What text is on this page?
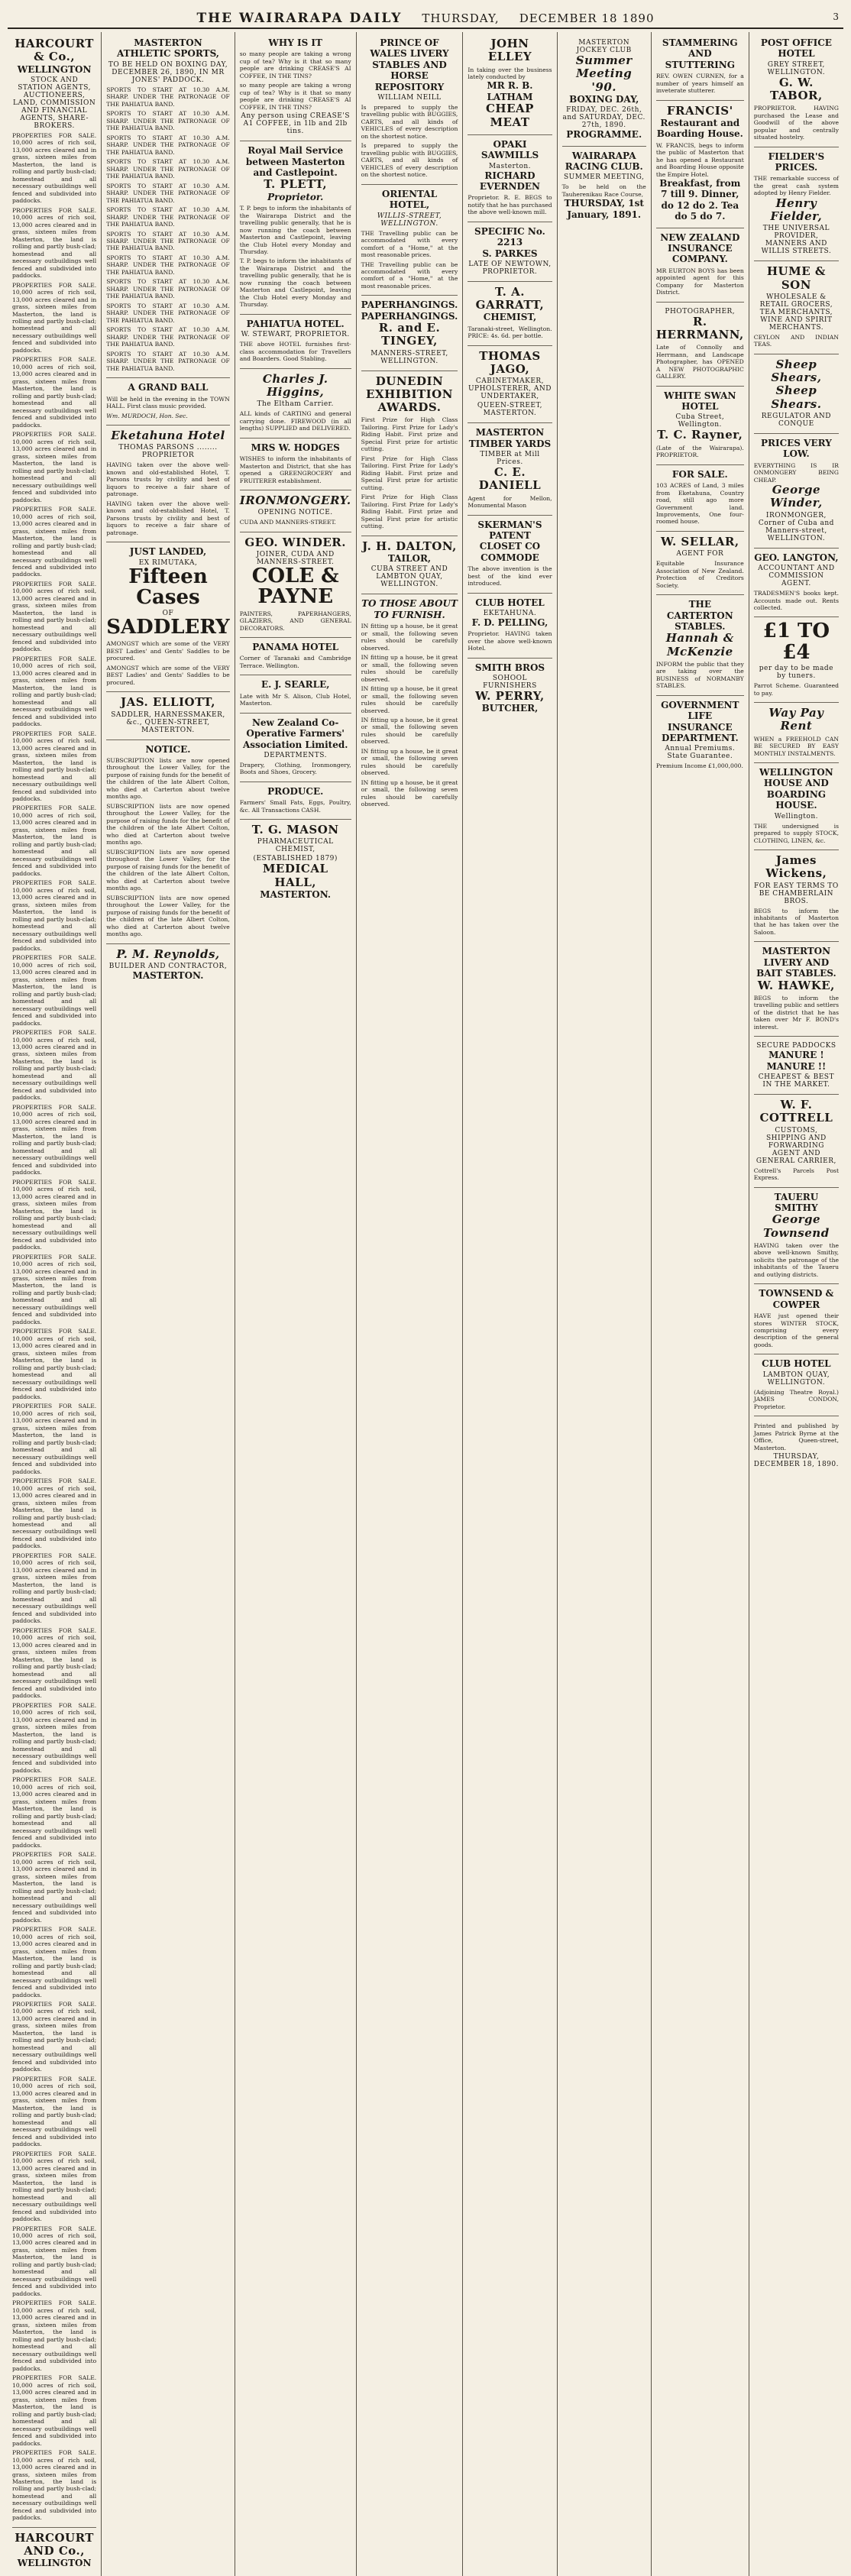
THE WAIRARAPA DAILY THURSDAY, DECEMBER 18 1890	3
HARCOURT & Co.,
WELLINGTON
STOCK AND STATION AGENTS, AUCTIONEERS, LAND, COMMISSION AND FINANCIAL AGENTS, SHARE-BROKERS.
PROPERTIES FOR SALE. 10,000 acres of rich soil, 13,000 acres cleared and in grass, sixteen miles from Masterton, the land is rolling and partly bush-clad; homestead and all necessary outbuildings well fenced and subdivided into paddocks.
PROPERTIES FOR SALE. 10,000 acres of rich soil, 13,000 acres cleared and in grass, sixteen miles from Masterton, the land is rolling and partly bush-clad; homestead and all necessary outbuildings well fenced and subdivided into paddocks.
PROPERTIES FOR SALE. 10,000 acres of rich soil, 13,000 acres cleared and in grass, sixteen miles from Masterton, the land is rolling and partly bush-clad; homestead and all necessary outbuildings well fenced and subdivided into paddocks.
PROPERTIES FOR SALE. 10,000 acres of rich soil, 13,000 acres cleared and in grass, sixteen miles from Masterton, the land is rolling and partly bush-clad; homestead and all necessary outbuildings well fenced and subdivided into paddocks.
PROPERTIES FOR SALE. 10,000 acres of rich soil, 13,000 acres cleared and in grass, sixteen miles from Masterton, the land is rolling and partly bush-clad; homestead and all necessary outbuildings well fenced and subdivided into paddocks.
PROPERTIES FOR SALE. 10,000 acres of rich soil, 13,000 acres cleared and in grass, sixteen miles from Masterton, the land is rolling and partly bush-clad; homestead and all necessary outbuildings well fenced and subdivided into paddocks.
PROPERTIES FOR SALE. 10,000 acres of rich soil, 13,000 acres cleared and in grass, sixteen miles from Masterton, the land is rolling and partly bush-clad; homestead and all necessary outbuildings well fenced and subdivided into paddocks.
PROPERTIES FOR SALE. 10,000 acres of rich soil, 13,000 acres cleared and in grass, sixteen miles from Masterton, the land is rolling and partly bush-clad; homestead and all necessary outbuildings well fenced and subdivided into paddocks.
PROPERTIES FOR SALE. 10,000 acres of rich soil, 13,000 acres cleared and in grass, sixteen miles from Masterton, the land is rolling and partly bush-clad; homestead and all necessary outbuildings well fenced and subdivided into paddocks.
PROPERTIES FOR SALE. 10,000 acres of rich soil, 13,000 acres cleared and in grass, sixteen miles from Masterton, the land is rolling and partly bush-clad; homestead and all necessary outbuildings well fenced and subdivided into paddocks.
PROPERTIES FOR SALE. 10,000 acres of rich soil, 13,000 acres cleared and in grass, sixteen miles from Masterton, the land is rolling and partly bush-clad; homestead and all necessary outbuildings well fenced and subdivided into paddocks.
PROPERTIES FOR SALE. 10,000 acres of rich soil, 13,000 acres cleared and in grass, sixteen miles from Masterton, the land is rolling and partly bush-clad; homestead and all necessary outbuildings well fenced and subdivided into paddocks.
PROPERTIES FOR SALE. 10,000 acres of rich soil, 13,000 acres cleared and in grass, sixteen miles from Masterton, the land is rolling and partly bush-clad; homestead and all necessary outbuildings well fenced and subdivided into paddocks.
PROPERTIES FOR SALE. 10,000 acres of rich soil, 13,000 acres cleared and in grass, sixteen miles from Masterton, the land is rolling and partly bush-clad; homestead and all necessary outbuildings well fenced and subdivided into paddocks.
PROPERTIES FOR SALE. 10,000 acres of rich soil, 13,000 acres cleared and in grass, sixteen miles from Masterton, the land is rolling and partly bush-clad; homestead and all necessary outbuildings well fenced and subdivided into paddocks.
PROPERTIES FOR SALE. 10,000 acres of rich soil, 13,000 acres cleared and in grass, sixteen miles from Masterton, the land is rolling and partly bush-clad; homestead and all necessary outbuildings well fenced and subdivided into paddocks.
PROPERTIES FOR SALE. 10,000 acres of rich soil, 13,000 acres cleared and in grass, sixteen miles from Masterton, the land is rolling and partly bush-clad; homestead and all necessary outbuildings well fenced and subdivided into paddocks.
PROPERTIES FOR SALE. 10,000 acres of rich soil, 13,000 acres cleared and in grass, sixteen miles from Masterton, the land is rolling and partly bush-clad; homestead and all necessary outbuildings well fenced and subdivided into paddocks.
PROPERTIES FOR SALE. 10,000 acres of rich soil, 13,000 acres cleared and in grass, sixteen miles from Masterton, the land is rolling and partly bush-clad; homestead and all necessary outbuildings well fenced and subdivided into paddocks.
PROPERTIES FOR SALE. 10,000 acres of rich soil, 13,000 acres cleared and in grass, sixteen miles from Masterton, the land is rolling and partly bush-clad; homestead and all necessary outbuildings well fenced and subdivided into paddocks.
PROPERTIES FOR SALE. 10,000 acres of rich soil, 13,000 acres cleared and in grass, sixteen miles from Masterton, the land is rolling and partly bush-clad; homestead and all necessary outbuildings well fenced and subdivided into paddocks.
PROPERTIES FOR SALE. 10,000 acres of rich soil, 13,000 acres cleared and in grass, sixteen miles from Masterton, the land is rolling and partly bush-clad; homestead and all necessary outbuildings well fenced and subdivided into paddocks.
PROPERTIES FOR SALE. 10,000 acres of rich soil, 13,000 acres cleared and in grass, sixteen miles from Masterton, the land is rolling and partly bush-clad; homestead and all necessary outbuildings well fenced and subdivided into paddocks.
PROPERTIES FOR SALE. 10,000 acres of rich soil, 13,000 acres cleared and in grass, sixteen miles from Masterton, the land is rolling and partly bush-clad; homestead and all necessary outbuildings well fenced and subdivided into paddocks.
PROPERTIES FOR SALE. 10,000 acres of rich soil, 13,000 acres cleared and in grass, sixteen miles from Masterton, the land is rolling and partly bush-clad; homestead and all necessary outbuildings well fenced and subdivided into paddocks.
PROPERTIES FOR SALE. 10,000 acres of rich soil, 13,000 acres cleared and in grass, sixteen miles from Masterton, the land is rolling and partly bush-clad; homestead and all necessary outbuildings well fenced and subdivided into paddocks.
PROPERTIES FOR SALE. 10,000 acres of rich soil, 13,000 acres cleared and in grass, sixteen miles from Masterton, the land is rolling and partly bush-clad; homestead and all necessary outbuildings well fenced and subdivided into paddocks.
PROPERTIES FOR SALE. 10,000 acres of rich soil, 13,000 acres cleared and in grass, sixteen miles from Masterton, the land is rolling and partly bush-clad; homestead and all necessary outbuildings well fenced and subdivided into paddocks.
PROPERTIES FOR SALE. 10,000 acres of rich soil, 13,000 acres cleared and in grass, sixteen miles from Masterton, the land is rolling and partly bush-clad; homestead and all necessary outbuildings well fenced and subdivided into paddocks.
PROPERTIES FOR SALE. 10,000 acres of rich soil, 13,000 acres cleared and in grass, sixteen miles from Masterton, the land is rolling and partly bush-clad; homestead and all necessary outbuildings well fenced and subdivided into paddocks.
PROPERTIES FOR SALE. 10,000 acres of rich soil, 13,000 acres cleared and in grass, sixteen miles from Masterton, the land is rolling and partly bush-clad; homestead and all necessary outbuildings well fenced and subdivided into paddocks.
PROPERTIES FOR SALE. 10,000 acres of rich soil, 13,000 acres cleared and in grass, sixteen miles from Masterton, the land is rolling and partly bush-clad; homestead and all necessary outbuildings well fenced and subdivided into paddocks.
HARCOURT AND Co.,
WELLINGTON
MASTERTON ATHLETIC SPORTS,
TO BE HELD ON BOXING DAY, DECEMBER 26, 1890, IN MR JONES' PADDOCK.
SPORTS TO START AT 10.30 A.M. SHARP. UNDER THE PATRONAGE OF THE PAHIATUA BAND.
SPORTS TO START AT 10.30 A.M. SHARP. UNDER THE PATRONAGE OF THE PAHIATUA BAND.
SPORTS TO START AT 10.30 A.M. SHARP. UNDER THE PATRONAGE OF THE PAHIATUA BAND.
SPORTS TO START AT 10.30 A.M. SHARP. UNDER THE PATRONAGE OF THE PAHIATUA BAND.
SPORTS TO START AT 10.30 A.M. SHARP. UNDER THE PATRONAGE OF THE PAHIATUA BAND.
SPORTS TO START AT 10.30 A.M. SHARP. UNDER THE PATRONAGE OF THE PAHIATUA BAND.
SPORTS TO START AT 10.30 A.M. SHARP. UNDER THE PATRONAGE OF THE PAHIATUA BAND.
SPORTS TO START AT 10.30 A.M. SHARP. UNDER THE PATRONAGE OF THE PAHIATUA BAND.
SPORTS TO START AT 10.30 A.M. SHARP. UNDER THE PATRONAGE OF THE PAHIATUA BAND.
SPORTS TO START AT 10.30 A.M. SHARP. UNDER THE PATRONAGE OF THE PAHIATUA BAND.
SPORTS TO START AT 10.30 A.M. SHARP. UNDER THE PATRONAGE OF THE PAHIATUA BAND.
SPORTS TO START AT 10.30 A.M. SHARP. UNDER THE PATRONAGE OF THE PAHIATUA BAND.
A GRAND BALL
Will be held in the evening in the TOWN HALL. First class music provided.
Wm. MURDOCH, Hon. Sec.
Eketahuna Hotel
THOMAS PARSONS ........ PROPRIETOR
HAVING taken over the above well-known and old-established Hotel, T. Parsons trusts by civility and best of liquors to receive a fair share of patronage.
HAVING taken over the above well-known and old-established Hotel, T. Parsons trusts by civility and best of liquors to receive a fair share of patronage.
JUST LANDED,
EX RIMUTAKA,
Fifteen Cases
OF
SADDLERY
AMONGST which are some of the VERY BEST Ladies' and Gents' Saddles to be procured.
AMONGST which are some of the VERY BEST Ladies' and Gents' Saddles to be procured.
JAS. ELLIOTT,
SADDLER, HARNESSMAKER, &c., QUEEN-STREET, MASTERTON.
NOTICE.
SUBSCRIPTION lists are now opened throughout the Lower Valley, for the purpose of raising funds for the benefit of the children of the late Albert Colton, who died at Carterton about twelve months ago.
SUBSCRIPTION lists are now opened throughout the Lower Valley, for the purpose of raising funds for the benefit of the children of the late Albert Colton, who died at Carterton about twelve months ago.
SUBSCRIPTION lists are now opened throughout the Lower Valley, for the purpose of raising funds for the benefit of the children of the late Albert Colton, who died at Carterton about twelve months ago.
SUBSCRIPTION lists are now opened throughout the Lower Valley, for the purpose of raising funds for the benefit of the children of the late Albert Colton, who died at Carterton about twelve months ago.
P. M. Reynolds,
BUILDER AND CONTRACTOR,
MASTERTON.
WHY IS IT
so many people are taking a wrong cup of tea? Why is it that so many people are drinking CREASE'S AI COFFEE, IN THE TINS?
so many people are taking a wrong cup of tea? Why is it that so many people are drinking CREASE'S AI COFFEE, IN THE TINS?
Any person using CREASE'S A1 COFFEE, in 1lb and 2lb tins.
Royal Mail Service between Masterton and Castlepoint.
T. PLETT,
Proprietor.
T. P. begs to inform the inhabitants of the Wairarapa District and the travelling public generally, that he is now running the coach between Masterton and Castlepoint, leaving the Club Hotel every Monday and Thursday.
T. P. begs to inform the inhabitants of the Wairarapa District and the travelling public generally, that he is now running the coach between Masterton and Castlepoint, leaving the Club Hotel every Monday and Thursday.
PAHIATUA HOTEL.
W. STEWART, PROPRIETOR.
THE above HOTEL furnishes first-class accommodation for Travellers and Boarders. Good Stabling.
Charles J. Higgins,
The Eltham Carrier.
ALL kinds of CARTING and general carrying done. FIREWOOD (in all lengths) SUPPLIED and DELIVERED.
MRS W. HODGES
WISHES to inform the inhabitants of Masterton and District, that she has opened a GREENGROCERY and FRUITERER establishment.
IRONMONGERY.
OPENING NOTICE.
CUDA AND MANNERS-STREET.
GEO. WINDER.
JOINER, CUDA AND MANNERS-STREET.
COLE & PAYNE
PAINTERS, PAPERHANGERS, GLAZIERS, AND GENERAL DECORATORS.
PANAMA HOTEL
Corner of Taranaki and Cambridge Terrace. Wellington.
E. J. SEARLE,
Late with Mr S. Alison, Club Hotel, Masterton.
New Zealand Co-Operative Farmers' Association Limited.
DEPARTMENTS.
Drapery, Clothing, Ironmongery, Boots and Shoes, Grocery.
PRODUCE.
Farmers' Small Fats, Eggs, Poultry, &c. All Transactions CASH.
T. G. MASON
PHARMACEUTICAL CHEMIST,
(ESTABLISHED 1879)
MEDICAL HALL,
MASTERTON.
PRINCE OF WALES LIVERY STABLES AND HORSE REPOSITORY
WILLIAM NEILL
Is prepared to supply the travelling public with BUGGIES, CARTS, and all kinds of VEHICLES of every description on the shortest notice.
Is prepared to supply the travelling public with BUGGIES, CARTS, and all kinds of VEHICLES of every description on the shortest notice.
ORIENTAL HOTEL,
WILLIS-STREET, WELLINGTON.
THE Travelling public can be accommodated with every comfort of a "Home," at the most reasonable prices.
THE Travelling public can be accommodated with every comfort of a "Home," at the most reasonable prices.
PAPERHANGINGS. PAPERHANGINGS.
R. and E. TINGEY,
MANNERS-STREET, WELLINGTON.
DUNEDIN EXHIBITION AWARDS.
First Prize for High Class Tailoring. First Prize for Lady's Riding Habit. First prize and Special First prize for artistic cutting.
First Prize for High Class Tailoring. First Prize for Lady's Riding Habit. First prize and Special First prize for artistic cutting.
First Prize for High Class Tailoring. First Prize for Lady's Riding Habit. First prize and Special First prize for artistic cutting.
J. H. DALTON,
TAILOR,
CUBA STREET AND LAMBTON QUAY, WELLINGTON.
TO THOSE ABOUT TO FURNISH.
IN fitting up a house, be it great or small, the following seven rules should be carefully observed.
IN fitting up a house, be it great or small, the following seven rules should be carefully observed.
IN fitting up a house, be it great or small, the following seven rules should be carefully observed.
IN fitting up a house, be it great or small, the following seven rules should be carefully observed.
IN fitting up a house, be it great or small, the following seven rules should be carefully observed.
IN fitting up a house, be it great or small, the following seven rules should be carefully observed.
JOHN ELLEY
In taking over the business lately conducted by
MR R. B. LATHAM
CHEAP MEAT
OPAKI SAWMILLS
Masterton.
RICHARD EVERNDEN
Proprietor. R. E. BEGS to notify that he has purchased the above well-known mill.
SPECIFIC No. 2213
S. PARKES
LATE OF NEWTOWN, PROPRIETOR.
T. A. GARRATT,
CHEMIST,
Taranaki-street, Wellington. PRICE: 4s. 6d. per bottle.
THOMAS JAGO,
CABINETMAKER, UPHOLSTERER, AND UNDERTAKER,
QUEEN-STREET, MASTERTON.
MASTERTON TIMBER YARDS
TIMBER at Mill Prices.
C. E. DANIELL
Agent for Mellon, Monumental Mason
SKERMAN'S PATENT CLOSET CO COMMODE
The above invention is the best of the kind ever introduced.
CLUB HOTEL
EKETAHUNA.
F. D. PELLING,
Proprietor. HAVING taken over the above well-known Hotel.
SMITH BROS
SOHOOL FURNISHERS
W. PERRY,
BUTCHER,
MASTERTON JOCKEY CLUB
Summer Meeting '90.
BOXING DAY,
FRIDAY, DEC. 26th, and SATURDAY, DEC. 27th, 1890.
PROGRAMME.
WAIRARAPA RACING CLUB.
SUMMER MEETING,
To be held on the Tauherenikau Race Course,
THURSDAY, 1st January, 1891.
STAMMERING AND STUTTERING
REV. OWEN CURNEN, for a number of years himself an inveterate stutterer.
FRANCIS'
Restaurant and Boarding House.
W. FRANCIS, begs to inform the public of Masterton that he has opened a Restaurant and Boarding House opposite the Empire Hotel.
Breakfast, from 7 till 9. Dinner, do 12 do 2. Tea do 5 do 7.
NEW ZEALAND INSURANCE COMPANY.
MR EURTON BOYS has been appointed agent for this Company for Masterton District.
PHOTOGRAPHER,
R. HERRMANN,
Late of Connolly and Herrmann, and Landscape Photographer, has OPENED A NEW PHOTOGRAPHIC GALLERY.
WHITE SWAN HOTEL
Cuba Street, Wellington.
T. C. Rayner,
(Late of the Wairarapa). PROPRIETOR.
FOR SALE.
103 ACRES of Land, 3 miles from Eketahuna, Country road, still ago more Government land. Improvements, One four-roomed house.
W. SELLAR,
AGENT FOR
Equitable Insurance Association of New Zealand. Protection of Creditors Society.
THE CARTERTON STABLES.
Hannah & McKenzie
INFORM the public that they are taking over the BUSINESS of NORMANBY STABLES.
GOVERNMENT LIFE INSURANCE DEPARTMENT.
Annual Premiums. State Guarantee.
Premium Income £1,000,000.
POST OFFICE HOTEL
GREY STREET, WELLINGTON.
G. W. TABOR,
PROPRIETOR. HAVING purchased the Lease and Goodwill of the above popular and centrally situated hostelry.
FIELDER'S PRICES.
THE remarkable success of the great cash system adopted by Henry Fielder.
Henry Fielder,
THE UNIVERSAL PROVIDER, MANNERS AND WILLIS STREETS.
HUME & SON
WHOLESALE & RETAIL GROCERS, TEA MERCHANTS, WINE AND SPIRIT MERCHANTS.
CEYLON AND INDIAN TEAS.
Sheep Shears,
Sheep Shears.
REGULATOR AND CONQUE
PRICES VERY LOW.
EVERYTHING IS IR ONMONGERY BEING CHEAP.
George Winder,
IRONMONGER, Corner of Cuba and Manners-street, WELLINGTON.
GEO. LANGTON,
ACCOUNTANT AND COMMISSION AGENT.
TRADESMEN'S books kept. Accounts made out. Rents collected.
£1 TO £4
per day to be made by tuners.
Parrot Scheme. Guaranteed to pay.
Way Pay Rent
WHEN a FREEHOLD CAN BE SECURED BY EASY MONTHLY INSTALMENTS.
WELLINGTON HOUSE AND BOARDING HOUSE.
Wellington.
THE undersigned is prepared to supply STOCK, CLOTHING, LINEN, &c.
James Wickens,
FOR EASY TERMS TO BE CHAMBERLAIN BROS.
BEGS to inform the inhabitants of Masterton that he has taken over the Saloon.
MASTERTON LIVERY AND BAIT STABLES.
W. HAWKE,
BEGS to inform the travelling public and settlers of the district that he has taken over Mr F. BOND's interest.
SECURE PADDOCKS
MANURE ! MANURE !!
CHEAPEST & BEST IN THE MARKET.
W. F. COTTRELL
CUSTOMS, SHIPPING AND FORWARDING AGENT AND GENERAL CARRIER,
Cottrell's Parcels Post Express.
TAUERU SMITHY
George Townsend
HAVING taken over the above well-known Smithy, solicits the patronage of the inhabitants of the Taueru and outlying districts.
TOWNSEND & COWPER
HAVE just opened their stores WINTER STOCK, comprising every description of the general goods.
CLUB HOTEL
LAMBTON QUAY, WELLINGTON.
(Adjoining Theatre Royal.) JAMES CONDON, Proprietor.
Printed and published by James Patrick Byrne at the Office, Queen-street, Masterton.
THURSDAY, DECEMBER 18, 1890.
